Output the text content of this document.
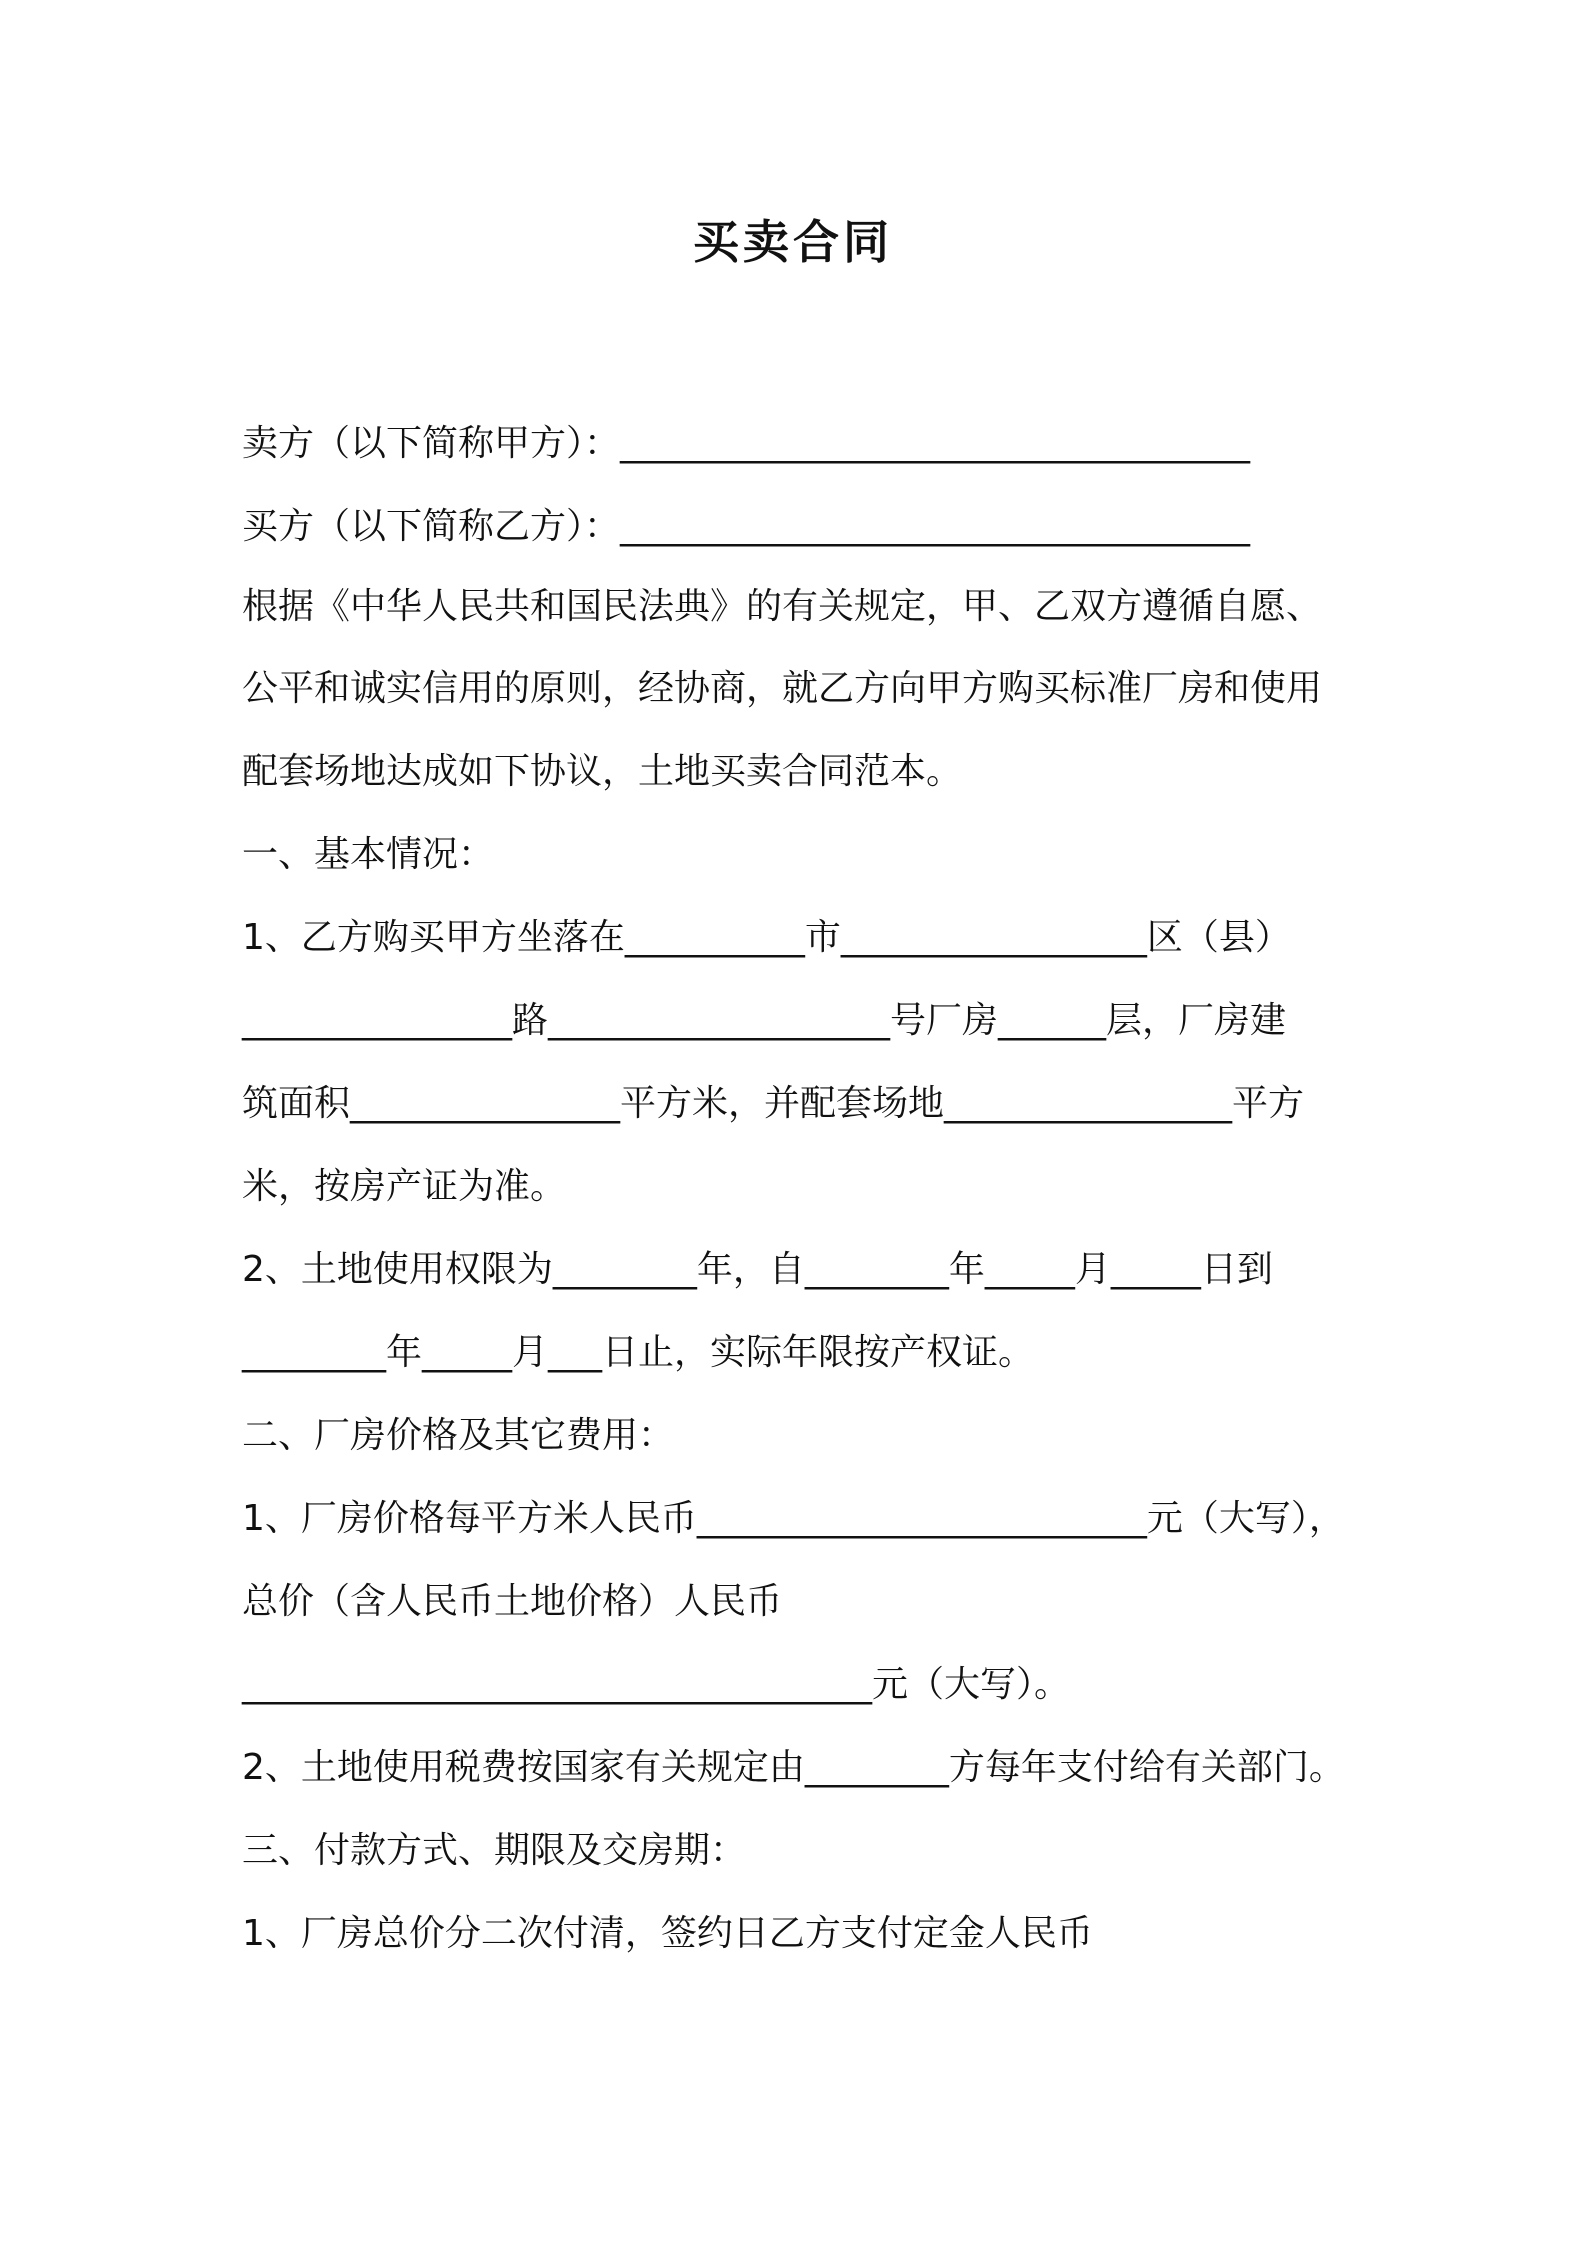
买卖合同
卖方（以下简称甲方）：___________________________________
买方（以下简称乙方）：___________________________________
根据《中华人民共和国民法典》的有关规定，甲、乙双方遵循自愿、
公平和诚实信用的原则，经协商，就乙方向甲方购买标准厂房和使用
配套场地达成如下协议，土地买卖合同范本。
一、基本情况：
1、乙方购买甲方坐落在__________市_________________区（县）
_______________路___________________号厂房______层，厂房建
筑面积_______________平方米，并配套场地________________平方
米，按房产证为准。
2、土地使用权限为________年，自________年_____月_____日到
________年_____月___日止，实际年限按产权证。
二、厂房价格及其它费用：
1、厂房价格每平方米人民币_________________________元（大写），
总价（含人民币土地价格）人民币
___________________________________元（大写）。
2、土地使用税费按国家有关规定由________方每年支付给有关部门。
三、付款方式、期限及交房期：
1、厂房总价分二次付清，签约日乙方支付定金人民币
